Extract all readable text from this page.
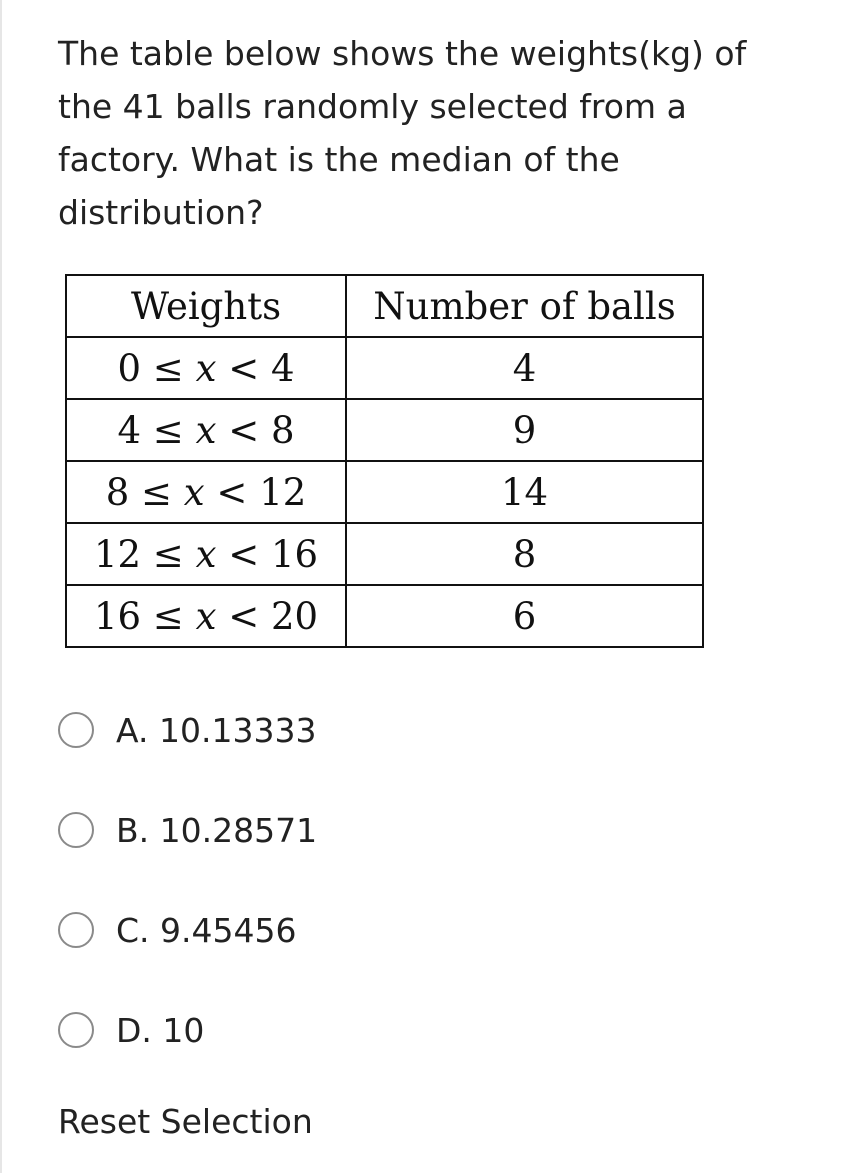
The table below shows the weights(kg) of the 41 balls randomly selected from a factory. What is the median of the distribution?

Weights	Number of balls
0 ≤ x < 4	4
4 ≤ x < 8	9
8 ≤ x < 12	14
12 ≤ x < 16	8
16 ≤ x < 20	6
A. 10.13333
B. 10.28571
C. 9.45456
D. 10
Reset Selection
